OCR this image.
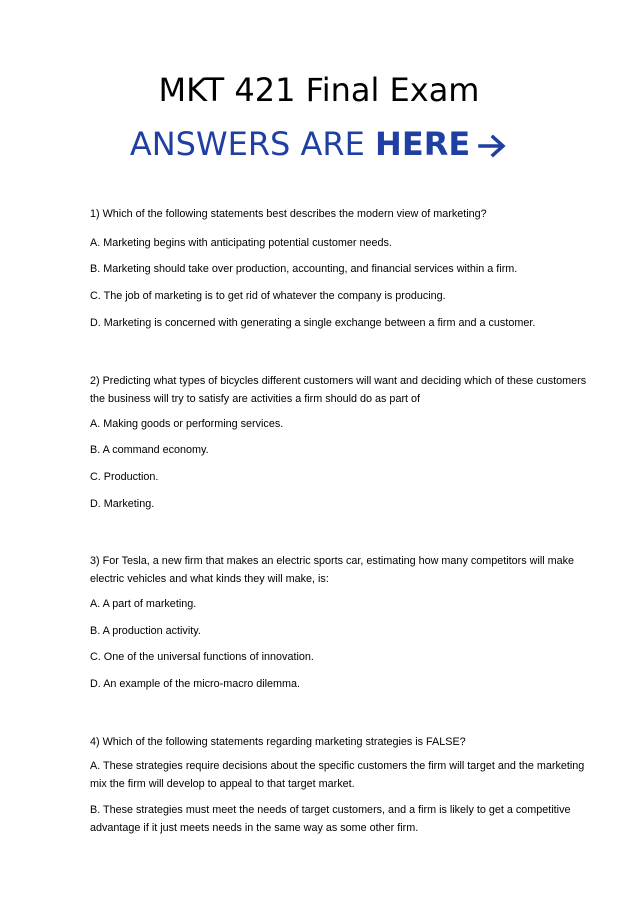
MKT 421 Final Exam
ANSWERS ARE HERE
1) Which of the following statements best describes the modern view of marketing?
A. Marketing begins with anticipating potential customer needs.
B. Marketing should take over production, accounting, and financial services within a firm.
C. The job of marketing is to get rid of whatever the company is producing.
D. Marketing is concerned with generating a single exchange between a firm and a customer.
2) Predicting what types of bicycles different customers will want and deciding which of these customers
the business will try to satisfy are activities a firm should do as part of
A. Making goods or performing services.
B. A command economy.
C. Production.
D. Marketing.
3) For Tesla, a new firm that makes an electric sports car, estimating how many competitors will make
electric vehicles and what kinds they will make, is:
A. A part of marketing.
B. A production activity.
C. One of the universal functions of innovation.
D. An example of the micro-macro dilemma.
4) Which of the following statements regarding marketing strategies is FALSE?
A. These strategies require decisions about the specific customers the firm will target and the marketing
mix the firm will develop to appeal to that target market.
B. These strategies must meet the needs of target customers, and a firm is likely to get a competitive
advantage if it just meets needs in the same way as some other firm.
